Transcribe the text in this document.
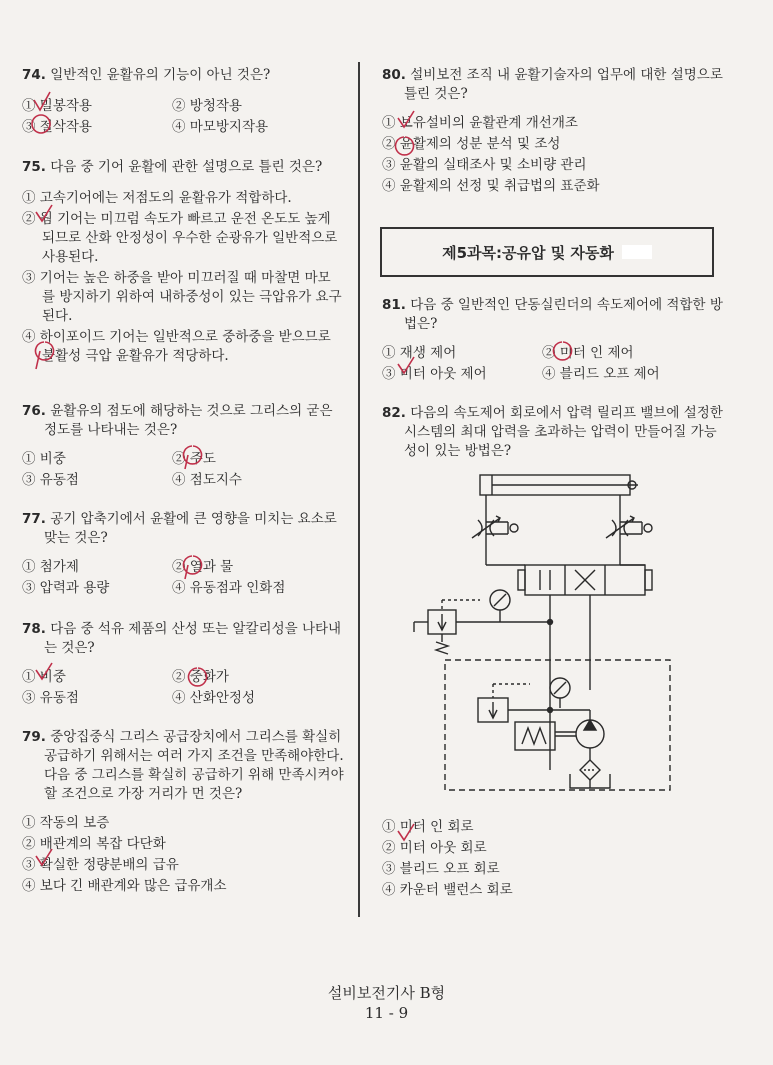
74. 일반적인 윤활유의 기능이 아닌 것은?
① 밀봉작용	② 방청작용
③ 절삭작용	④ 마모방지작용
75. 다음 중 기어 윤활에 관한 설명으로 틀린 것은?
① 고속기어에는 저점도의 윤활유가 적합하다.
② 웜 기어는 미끄럼 속도가 빠르고 운전 온도도 높게 되므로 산화 안정성이 우수한 순광유가 일반적으로 사용된다.
③ 기어는 높은 하중을 받아 미끄러질 때 마찰면 마모를 방지하기 위하여 내하중성이 있는 극압유가 요구된다.
④ 하이포이드 기어는 일반적으로 중하중을 받으므로 불활성 극압 윤활유가 적당하다.
76. 윤활유의 점도에 해당하는 것으로 그리스의 굳은 정도를 나타내는 것은?
① 비중	② 주도
③ 유동점	④ 점도지수
77. 공기 압축기에서 윤활에 큰 영향을 미치는 요소로 맞는 것은?
① 첨가제	② 열과 물
③ 압력과 용량	④ 유동점과 인화점
78. 다음 중 석유 제품의 산성 또는 알칼리성을 나타내는 것은?
① 비중	② 중화가
③ 유동점	④ 산화안정성
79. 중앙집중식 그리스 공급장치에서 그리스를 확실히 공급하기 위해서는 여러 가지 조건을 만족해야한다. 다음 중 그리스를 확실히 공급하기 위해 만족시켜야 할 조건으로 가장 거리가 먼 것은?
① 작동의 보증
② 배관계의 복잡 다단화
③ 확실한 정량분배의 급유
④ 보다 긴 배관계와 많은 급유개소
80. 설비보전 조직 내 윤활기술자의 업무에 대한 설명으로 틀린 것은?
① 보유설비의 윤활관계 개선개조
② 윤활제의 성분 분석 및 조성
③ 윤활의 실태조사 및 소비량 관리
④ 윤활제의 선정 및 취급법의 표준화
제5과목:공유압 및 자동화
81. 다음 중 일반적인 단동실린더의 속도제어에 적합한 방법은?
① 재생 제어	② 미터 인 제어
③ 미터 아웃 제어	④ 블리드 오프 제어
82. 다음의 속도제어 회로에서 압력 릴리프 밸브에 설정한 시스템의 최대 압력을 초과하는 압력이 만들어질 가능성이 있는 방법은?
① 미터 인 회로
② 미터 아웃 회로
③ 블리드 오프 회로
④ 카운터 밸런스 회로
설비보전기사 B형
11 - 9
